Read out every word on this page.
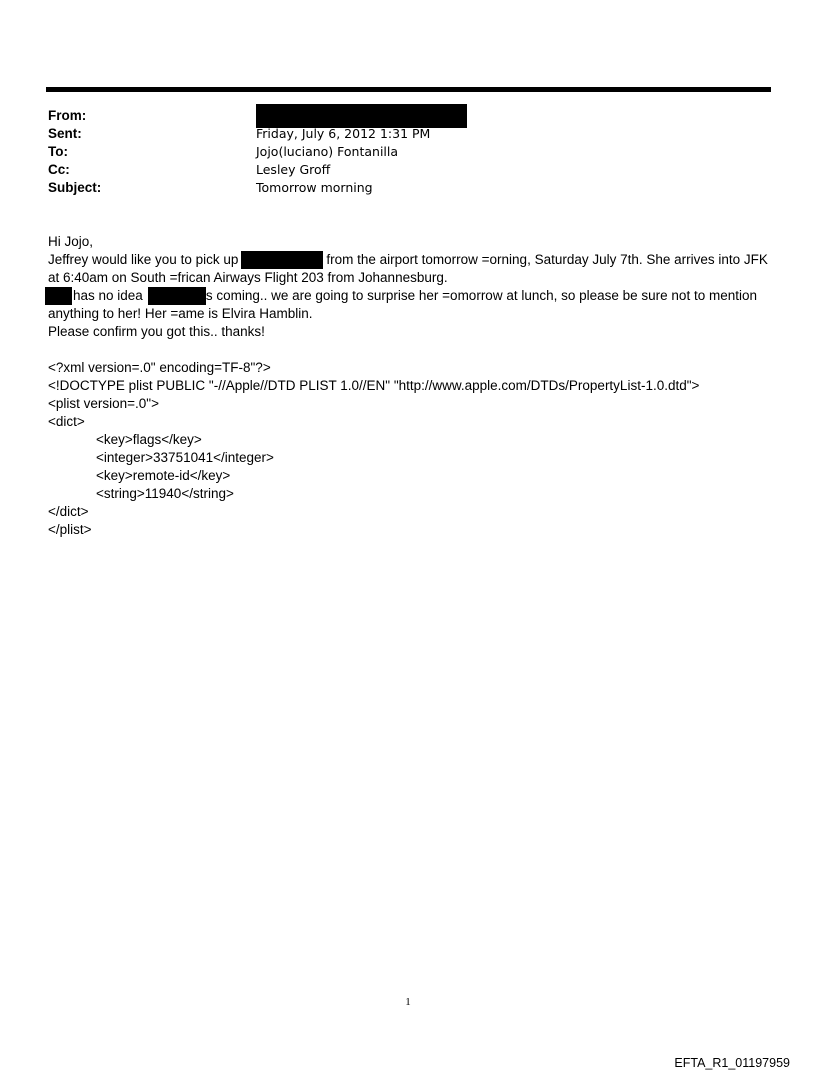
From:
Sent:	Friday, July 6, 2012 1:31 PM
To:	Jojo(luciano) Fontanilla
Cc:	Lesley Groff
Subject:	Tomorrow morning
Hi Jojo,
Jeffrey would like you to pick up	from the airport tomorrow =orning, Saturday July 7th. She arrives into JFK
at 6:40am on South =frican Airways Flight 203 from Johannesburg.
has no idea	s coming.. we are going to surprise her =omorrow at lunch, so please be sure not to mention
anything to her! Her =ame is Elvira Hamblin.
Please confirm you got this.. thanks!
<?xml version=.0" encoding=TF-8"?>
<!DOCTYPE plist PUBLIC "-//Apple//DTD PLIST 1.0//EN" "http://www.apple.com/DTDs/PropertyList-1.0.dtd">
<plist version=.0">
<dict>
<key>flags</key>
<integer>33751041</integer>
<key>remote-id</key>
<string>11940</string>
</dict>
</plist>
1
EFTA_R1_01197959
